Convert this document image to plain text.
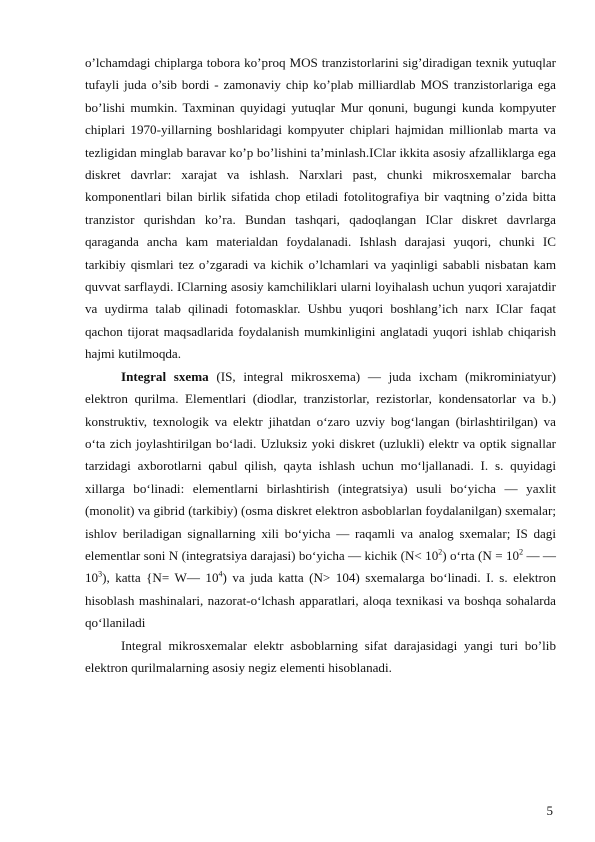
o’lchamdagi chiplarga tobora ko’proq MOS tranzistorlarini sig’diradigan texnik yutuqlar tufayli juda o’sib bordi - zamonaviy chip ko’plab milliardlab MOS tranzistorlariga ega bo’lishi mumkin. Taxminan quyidagi yutuqlar Mur qonuni, bugungi kunda kompyuter chiplari 1970-yillarning boshlaridagi kompyuter chiplari hajmidan millionlab marta va tezligidan minglab baravar ko’p bo’lishini ta’minlash.IClar ikkita asosiy afzalliklarga ega diskret davrlar: xarajat va ishlash. Narxlari past, chunki mikrosxemalar barcha komponentlari bilan birlik sifatida chop etiladi fotolitografiya bir vaqtning o’zida bitta tranzistor qurishdan ko’ra. Bundan tashqari, qadoqlangan IClar diskret davrlarga qaraganda ancha kam materialdan foydalanadi. Ishlash darajasi yuqori, chunki IC tarkibiy qismlari tez o’zgaradi va kichik o’lchamlari va yaqinligi sababli nisbatan kam quvvat sarflaydi. IClarning asosiy kamchiliklari ularni loyihalash uchun yuqori xarajatdir va uydirma talab qilinadi fotomasklar. Ushbu yuqori boshlang’ich narx IClar faqat qachon tijorat maqsadlarida foydalanish mumkinligini anglatadi yuqori ishlab chiqarish hajmi kutilmoqda.

Integral sxema (IS, integral mikrosxema) — juda ixcham (mikrominiatyur) elektron qurilma. Elementlari (diodlar, tranzistorlar, rezistorlar, kondensatorlar va b.) konstruktiv, texnologik va elektr jihatdan oʻzaro uzviy bogʻlangan (birlashtirilgan) va oʻta zich joylashtirilgan boʻladi. Uzluksiz yoki diskret (uzlukli) elektr va optik signallar tarzidagi axborotlarni qabul qilish, qayta ishlash uchun moʻljallanadi. I. s. quyidagi xillarga boʻlinadi: elementlarni birlashtirish (integratsiya) usuli boʻyicha — yaxlit (monolit) va gibrid (tarkibiy) (osma diskret elektron asboblarlan foydalanilgan) sxemalar; ishlov beriladigan signallarning xili boʻyicha — raqamli va analog sxemalar; IS dagi elementlar soni N (integratsiya darajasi) boʻyicha — kichik $(N< 10^2)$ oʻrta ($N = 10^2$ — $—10^3$), katta {N= W— $10^4$) va juda katta (N> 104) sxemalarga boʻlinadi. I. s. elektron hisoblash mashinalari, nazorat-oʻlchash apparatlari, aloqa texnikasi va boshqa sohalarda qoʻllaniladi

Integral mikrosxemalar elektr asboblarning sifat darajasidagi yangi turi bo’lib elektron qurilmalarning asosiy negiz elementi hisoblanadi.

5
